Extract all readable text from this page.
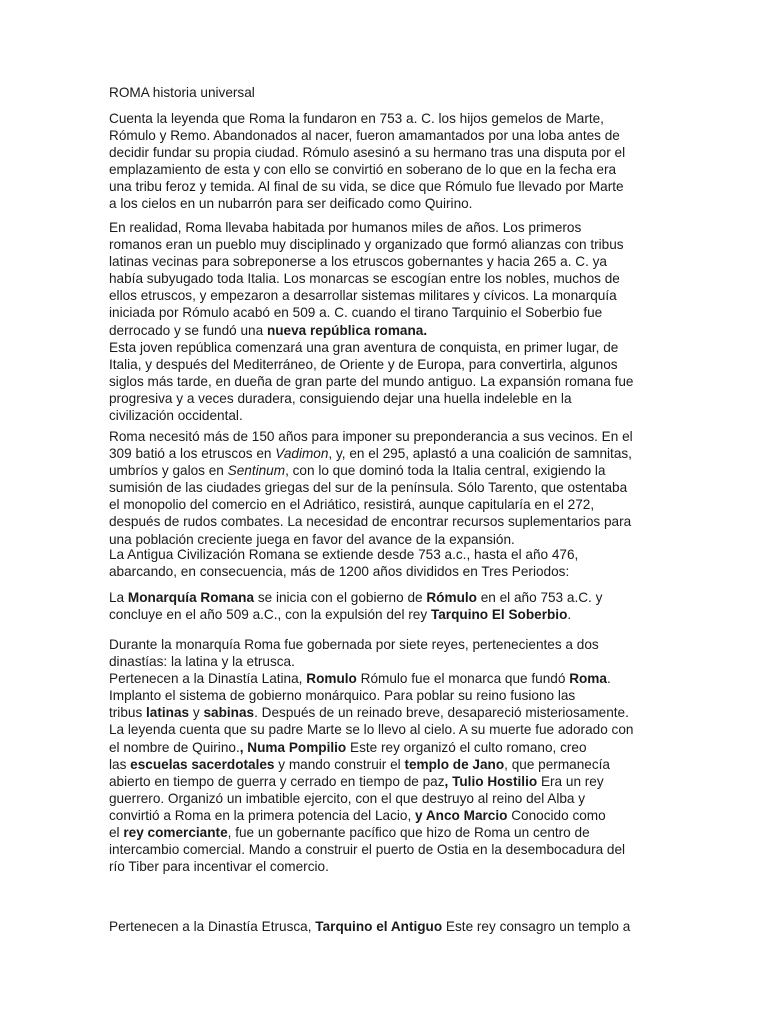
ROMA historia universal

Cuenta la leyenda que Roma la fundaron en 753 a. C. los hijos gemelos de Marte,
Rómulo y Remo. Abandonados al nacer, fueron amamantados por una loba antes de
decidir fundar su propia ciudad. Rómulo asesinó a su hermano tras una disputa por el
emplazamiento de esta y con ello se convirtió en soberano de lo que en la fecha era
una tribu feroz y temida. Al final de su vida, se dice que Rómulo fue llevado por Marte
a los cielos en un nubarrón para ser deificado como Quirino.

En realidad, Roma llevaba habitada por humanos miles de años. Los primeros
romanos eran un pueblo muy disciplinado y organizado que formó alianzas con tribus
latinas vecinas para sobreponerse a los etruscos gobernantes y hacia 265 a. C. ya
había subyugado toda Italia. Los monarcas se escogían entre los nobles, muchos de
ellos etruscos, y empezaron a desarrollar sistemas militares y cívicos. La monarquía
iniciada por Rómulo acabó en 509 a. C. cuando el tirano Tarquinio el Soberbio fue
derrocado y se fundó una nueva república romana.

Esta joven república comenzará una gran aventura de conquista, en primer lugar, de
Italia, y después del Mediterráneo, de Oriente y de Europa, para convertirla, algunos
siglos más tarde, en dueña de gran parte del mundo antiguo. La expansión romana fue
progresiva y a veces duradera, consiguiendo dejar una huella indeleble en la
civilización occidental.

Roma necesitó más de 150 años para imponer su preponderancia a sus vecinos. En el
309 batió a los etruscos en Vadimon, y, en el 295, aplastó a una coalición de samnitas,
umbríos y galos en Sentinum, con lo que dominó toda la Italia central, exigiendo la
sumisión de las ciudades griegas del sur de la península. Sólo Tarento, que ostentaba
el monopolio del comercio en el Adriático, resistirá, aunque capitularía en el 272,
después de rudos combates. La necesidad de encontrar recursos suplementarios para
una población creciente juega en favor del avance de la expansión.

La Antigua Civilización Romana se extiende desde 753 a.c., hasta el año 476,
abarcando, en consecuencia, más de 1200 años divididos en Tres Periodos:

La Monarquía Romana se inicia con el gobierno de Rómulo en el año 753 a.C. y
concluye en el año 509 a.C., con la expulsión del rey Tarquino El Soberbio.

Durante la monarquía Roma fue gobernada por siete reyes, pertenecientes a dos
dinastías: la latina y la etrusca.
Pertenecen a la Dinastía Latina, Romulo Rómulo fue el monarca que fundó Roma.
Implanto el sistema de gobierno monárquico. Para poblar su reino fusiono las
tribus latinas y sabinas. Después de un reinado breve, desapareció misteriosamente.
La leyenda cuenta que su padre Marte se lo llevo al cielo. A su muerte fue adorado con
el nombre de Quirino., Numa Pompilio Este rey organizó el culto romano, creo
las escuelas sacerdotales y mando construir el templo de Jano, que permanecía
abierto en tiempo de guerra y cerrado en tiempo de paz, Tulio Hostilio Era un rey
guerrero. Organizó un imbatible ejercito, con el que destruyo al reino del Alba y
convirtió a Roma en la primera potencia del Lacio, y Anco Marcio Conocido como
el rey comerciante, fue un gobernante pacífico que hizo de Roma un centro de
intercambio comercial. Mando a construir el puerto de Ostia en la desembocadura del
río Tiber para incentivar el comercio.

Pertenecen a la Dinastía Etrusca, Tarquino el Antiguo Este rey consagro un templo a
